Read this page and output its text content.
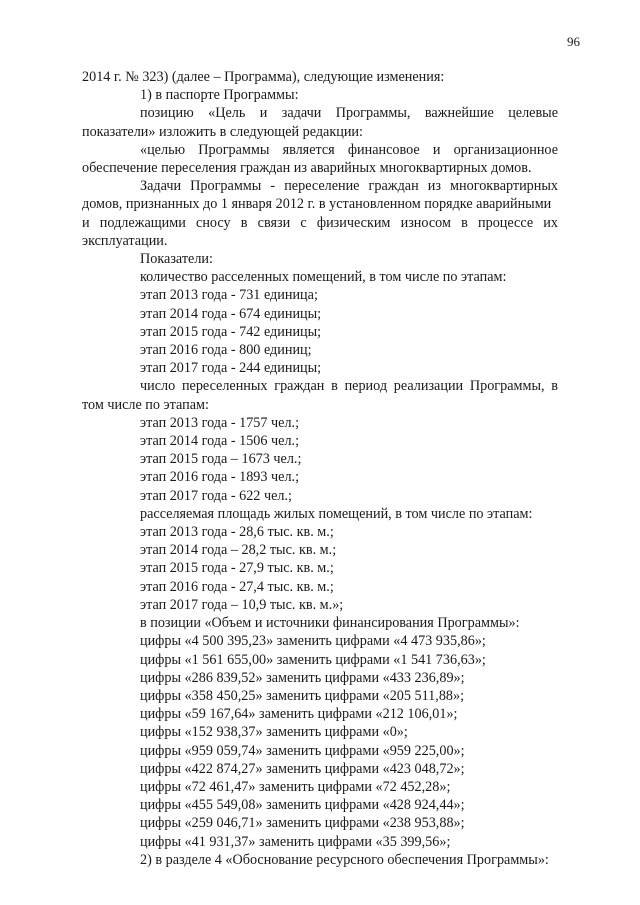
96
2014 г. № 323) (далее – Программа), следующие изменения:
1) в паспорте Программы:
позицию «Цель и задачи Программы, важнейшие целевые
показатели» изложить в следующей редакции:
«целью Программы является финансовое и организационное
обеспечение переселения граждан из аварийных многоквартирных домов.
Задачи Программы - переселение граждан из многоквартирных
домов, признанных до 1 января 2012 г. в установленном порядке аварийными
и подлежащими сносу в связи с физическим износом в процессе их
эксплуатации.
Показатели:
количество расселенных помещений, в том числе по этапам:
этап 2013 года - 731 единица;
этап 2014 года - 674 единицы;
этап 2015 года - 742 единицы;
этап 2016 года - 800 единиц;
этап 2017 года - 244 единицы;
число переселенных граждан в период реализации Программы, в
том числе по этапам:
этап 2013 года - 1757 чел.;
этап 2014 года - 1506 чел.;
этап 2015 года – 1673 чел.;
этап 2016 года - 1893 чел.;
этап 2017 года - 622 чел.;
расселяемая площадь жилых помещений, в том числе по этапам:
этап 2013 года - 28,6 тыс. кв. м.;
этап 2014 года – 28,2 тыс. кв. м.;
этап 2015 года - 27,9 тыс. кв. м.;
этап 2016 года - 27,4 тыс. кв. м.;
этап 2017 года – 10,9 тыс. кв. м.»;
в позиции «Объем и источники финансирования Программы»:
цифры «4 500 395,23» заменить цифрами «4 473 935,86»;
цифры «1 561 655,00» заменить цифрами «1 541 736,63»;
цифры «286 839,52» заменить цифрами «433 236,89»;
цифры «358 450,25» заменить цифрами «205 511,88»;
цифры «59 167,64» заменить цифрами «212 106,01»;
цифры «152 938,37» заменить цифрами «0»;
цифры «959 059,74» заменить цифрами «959 225,00»;
цифры «422 874,27» заменить цифрами «423 048,72»;
цифры «72 461,47» заменить цифрами «72 452,28»;
цифры «455 549,08» заменить цифрами «428 924,44»;
цифры «259 046,71» заменить цифрами «238 953,88»;
цифры «41 931,37» заменить цифрами «35 399,56»;
2) в разделе 4 «Обоснование ресурсного обеспечения Программы»:
